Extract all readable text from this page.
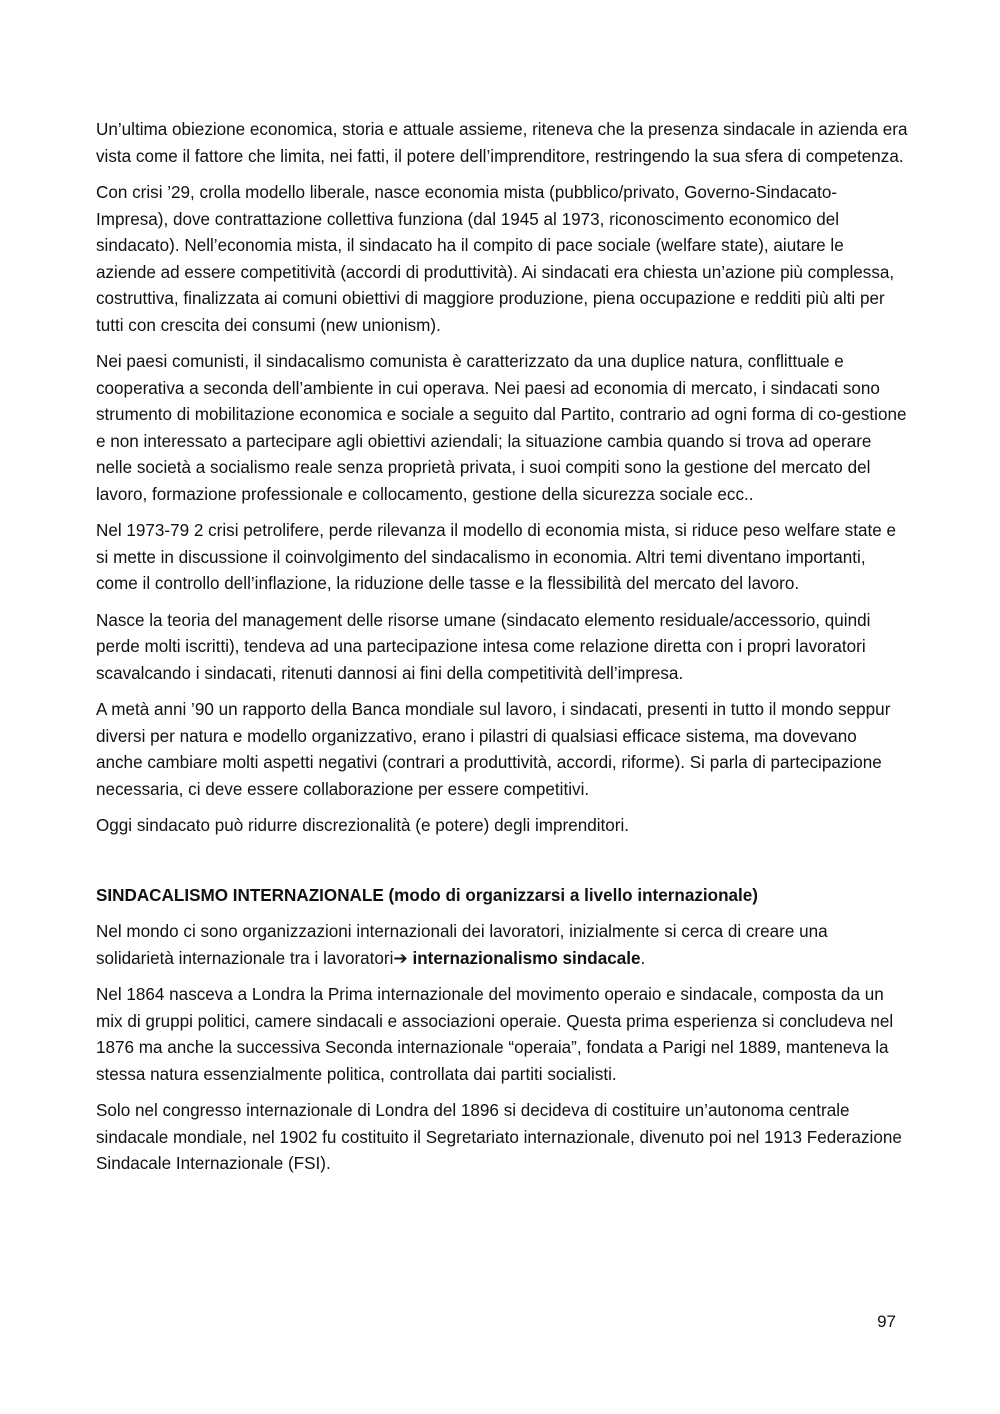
Un’ultima obiezione economica, storia e attuale assieme, riteneva che la presenza sindacale in azienda era vista come il fattore che limita, nei fatti, il potere dell’imprenditore, restringendo la sua sfera di competenza.

Con crisi ’29, crolla modello liberale, nasce economia mista (pubblico/privato, Governo-Sindacato-Impresa), dove contrattazione collettiva funziona (dal 1945 al 1973, riconoscimento economico del sindacato). Nell’economia mista, il sindacato ha il compito di pace sociale (welfare state), aiutare le aziende ad essere competitività (accordi di produttività). Ai sindacati era chiesta un’azione più complessa, costruttiva, finalizzata ai comuni obiettivi di maggiore produzione, piena occupazione e redditi più alti per tutti con crescita dei consumi (new unionism).

Nei paesi comunisti, il sindacalismo comunista è caratterizzato da una duplice natura, conflittuale e cooperativa a seconda dell’ambiente in cui operava. Nei paesi ad economia di mercato, i sindacati sono strumento di mobilitazione economica e sociale a seguito dal Partito, contrario ad ogni forma di co-gestione e non interessato a partecipare agli obiettivi aziendali; la situazione cambia quando si trova ad operare nelle società a socialismo reale senza proprietà privata, i suoi compiti sono la gestione del mercato del lavoro, formazione professionale e collocamento, gestione della sicurezza sociale ecc..

Nel 1973-79 2 crisi petrolifere, perde rilevanza il modello di economia mista, si riduce peso welfare state e si mette in discussione il coinvolgimento del sindacalismo in economia. Altri temi diventano importanti, come il controllo dell’inflazione, la riduzione delle tasse e la flessibilità del mercato del lavoro.

Nasce la teoria del management delle risorse umane (sindacato elemento residuale/accessorio, quindi perde molti iscritti), tendeva ad una partecipazione intesa come relazione diretta con i propri lavoratori scavalcando i sindacati, ritenuti dannosi ai fini della competitività dell’impresa.

A metà anni ’90 un rapporto della Banca mondiale sul lavoro, i sindacati, presenti in tutto il mondo seppur diversi per natura e modello organizzativo, erano i pilastri di qualsiasi efficace sistema, ma dovevano anche cambiare molti aspetti negativi (contrari a produttività, accordi, riforme). Si parla di partecipazione necessaria, ci deve essere collaborazione per essere competitivi.

Oggi sindacato può ridurre discrezionalità (e potere) degli imprenditori.

SINDACALISMO INTERNAZIONALE (modo di organizzarsi a livello internazionale)

Nel mondo ci sono organizzazioni internazionali dei lavoratori, inizialmente si cerca di creare una solidarietà internazionale tra i lavoratori➔ internazionalismo sindacale.

Nel 1864 nasceva a Londra la Prima internazionale del movimento operaio e sindacale, composta da un mix di gruppi politici, camere sindacali e associazioni operaie. Questa prima esperienza si concludeva nel 1876 ma anche la successiva Seconda internazionale “operaia”, fondata a Parigi nel 1889, manteneva la stessa natura essenzialmente politica, controllata dai partiti socialisti.

Solo nel congresso internazionale di Londra del 1896 si decideva di costituire un’autonoma centrale sindacale mondiale, nel 1902 fu costituito il Segretariato internazionale, divenuto poi nel 1913 Federazione Sindacale Internazionale (FSI).

97
